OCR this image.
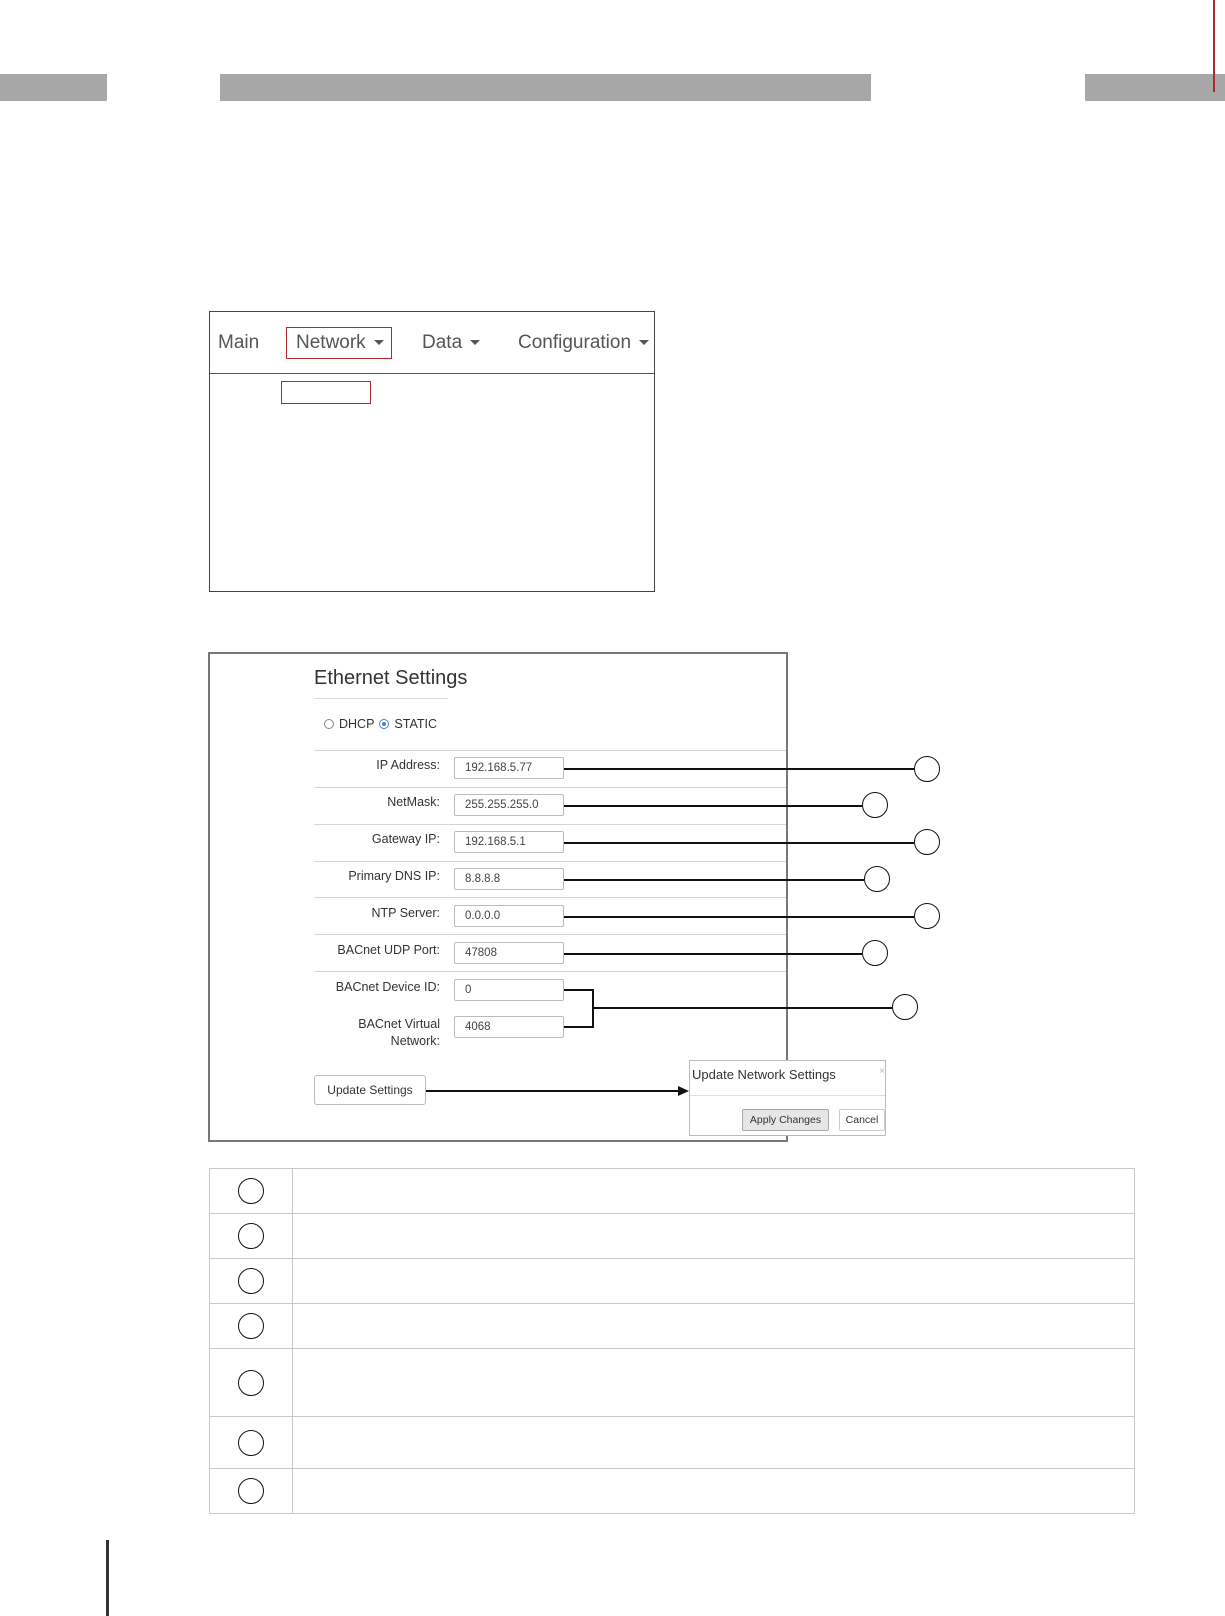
Main Network	Data	Configuration
Ethernet Settings
DHCP STATIC
IP Address:	192.168.5.77
NetMask:	255.255.255.0
Gateway IP:	192.168.5.1
Primary DNS IP:	8.8.8.8
NTP Server:	0.0.0.0
BACnet UDP Port:	47808
BACnet Device ID:	0
BACnet Virtual Network:
4068
Update Settings
Update Network Settings	×
Apply Changes	Cancel
